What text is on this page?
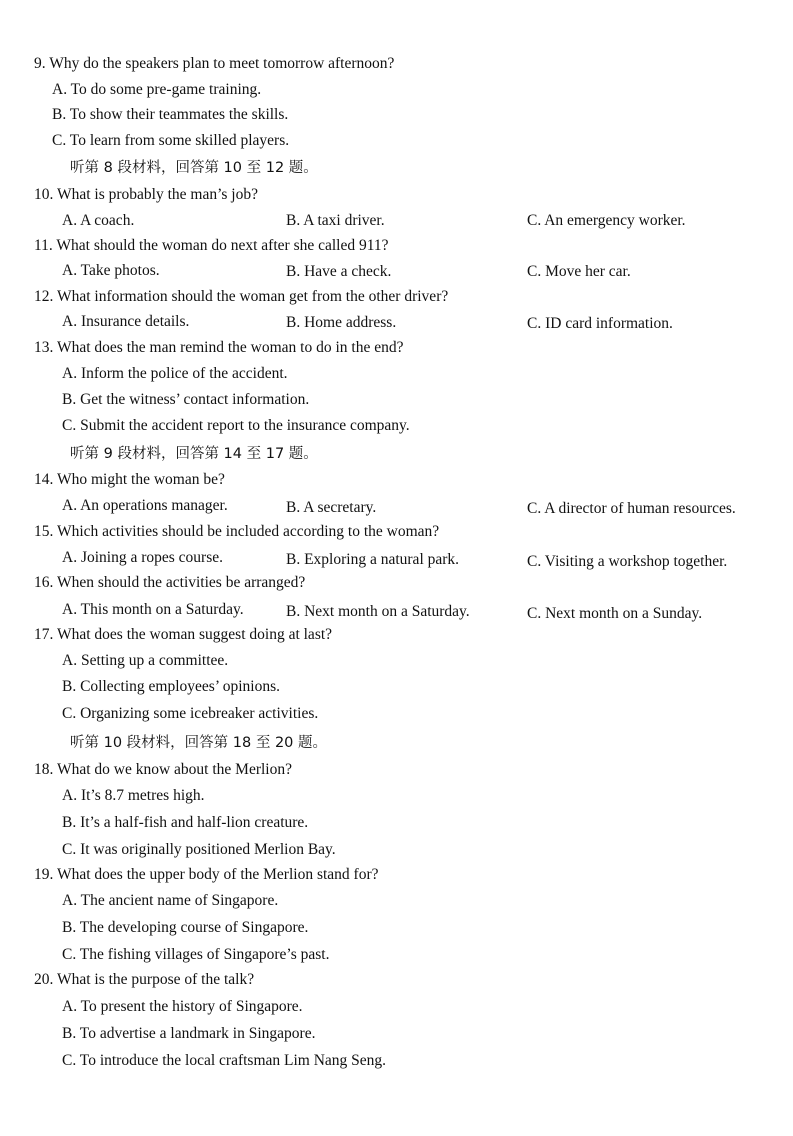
9. Why do the speakers plan to meet tomorrow afternoon?
A. To do some pre-game training.
B. To show their teammates the skills.
C. To learn from some skilled players.
听第 8 段材料，回答第 10 至 12 题。
10. What is probably the man’s job?
A. A coach.	B. A taxi driver.	C. An emergency worker.
11. What should the woman do next after she called 911?
A. Take photos.	B. Have a check.	C. Move her car.
12. What information should the woman get from the other driver?
A. Insurance details.	B. Home address.	C. ID card information.
13. What does the man remind the woman to do in the end?
A. Inform the police of the accident.
B. Get the witness’ contact information.
C. Submit the accident report to the insurance company.
听第 9 段材料，回答第 14 至 17 题。
14. Who might the woman be?
A. An operations manager.	B. A secretary.	C. A director of human resources.
15. Which activities should be included according to the woman?
A. Joining a ropes course.	B. Exploring a natural park.	C. Visiting a workshop together.
16. When should the activities be arranged?
A. This month on a Saturday.	B. Next month on a Saturday.	C. Next month on a Sunday.
17. What does the woman suggest doing at last?
A. Setting up a committee.
B. Collecting employees’ opinions.
C. Organizing some icebreaker activities.
听第 10 段材料，回答第 18 至 20 题。
18. What do we know about the Merlion?
A. It’s 8.7 metres high.
B. It’s a half-fish and half-lion creature.
C. It was originally positioned Merlion Bay.
19. What does the upper body of the Merlion stand for?
A. The ancient name of Singapore.
B. The developing course of Singapore.
C. The fishing villages of Singapore’s past.
20. What is the purpose of the talk?
A. To present the history of Singapore.
B. To advertise a landmark in Singapore.
C. To introduce the local craftsman Lim Nang Seng.
